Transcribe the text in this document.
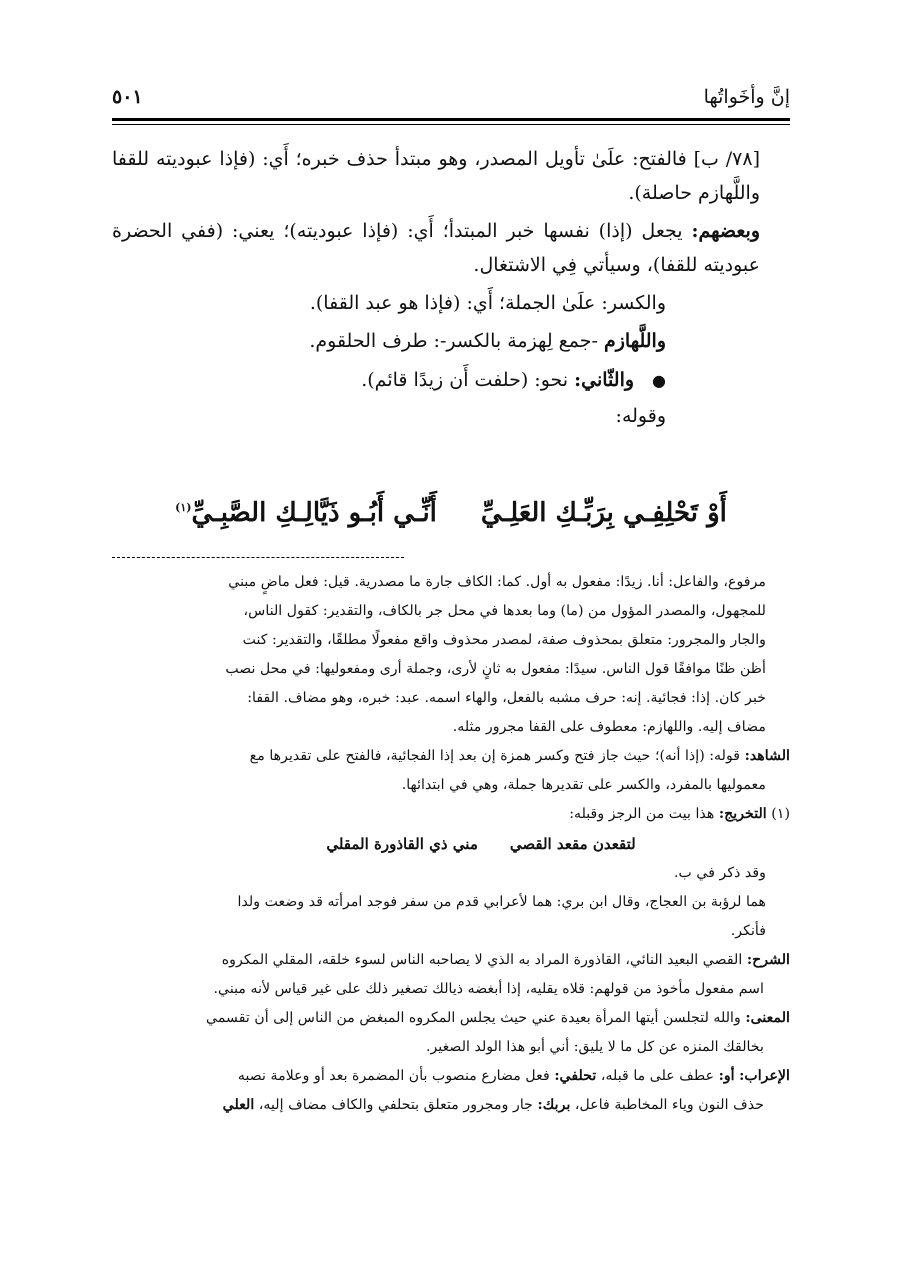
إنَّ وأخَواتُها
٥٠١

[٧٨/ ب] فالفتح: علَىٰ تأويل المصدر، وهو مبتدأ حذف خبره؛ أَي: (فإذا عبوديته للقفا واللَّهازم حاصلة).

وبعضهم: يجعل (إذا) نفسها خبر المبتدأ؛ أَي: (فإذا عبوديته)؛ يعني: (ففي الحضرة عبوديته للقفا)، وسيأتي فِي الاشتغال.

والكسر: علَىٰ الجملة؛ أَي: (فإذا هو عبد القفا).

واللَّهازم -جمع لِهزمة بالكسر-: طرف الحلقوم.

●والثّاني: نحو: (حلفت أَن زيدًا قائم).

وقوله:

أَوْ تَحْلِفِـي بِرَبِّـكِ العَلِـيِّأَنِّـي أَبُـو ذَيَّالِـكِ الصَّبِـيِّ$^{(١)}$

مرفوع، والفاعل: أنا. زيدًا: مفعول به أول. كما: الكاف جارة ما مصدرية. قيل: فعل ماضٍ مبني

للمجهول، والمصدر المؤول من (ما) وما بعدها في محل جر بالكاف، والتقدير: كقول الناس،

والجار والمجرور: متعلق بمحذوف صفة، لمصدر محذوف واقع مفعولًا مطلقًا، والتقدير: كنت

أظن ظنًا موافقًا قول الناس. سيدًا: مفعول به ثانٍ لأرى، وجملة أرى ومفعوليها: في محل نصب

خبر كان. إذا: فجائية. إنه: حرف مشبه بالفعل، والهاء اسمه. عبد: خبره، وهو مضاف. القفا:

مضاف إليه. واللهازم: معطوف على القفا مجرور مثله.

الشاهد: قوله: (إذا أنه)؛ حيث جاز فتح وكسر همزة إن بعد إذا الفجائية، فالفتح على تقديرها مع

معموليها بالمفرد، والكسر على تقديرها جملة، وهي في ابتدائها.

(١) التخريج: هذا بيت من الرجز وقبله:

لتقعدن مقعد القصيمني ذي القاذورة المقلي

وقد ذكر في ب.

هما لرؤبة بن العجاج، وقال ابن بري: هما لأعرابي قدم من سفر فوجد امرأته قد وضعت ولدا

فأنكر.

الشرح: القصي البعيد النائي، القاذورة المراد به الذي لا يصاحبه الناس لسوء خلقه، المقلي المكروه

اسم مفعول مأخوذ من قولهم: قلاه يقليه، إذا أبغضه ذيالك تصغير ذلك على غير قياس لأنه مبني.

المعنى: والله لتجلسن أيتها المرأة بعيدة عني حيث يجلس المكروه المبغض من الناس إلى أن تقسمي

بخالقك المنزه عن كل ما لا يليق: أني أبو هذا الولد الصغير.

الإعراب: أو: عطف على ما قبله، تحلفي: فعل مضارع منصوب بأن المضمرة بعد أو وعلامة نصبه

حذف النون وياء المخاطبة فاعل، بربك: جار ومجرور متعلق بتحلفي والكاف مضاف إليه، العلي
